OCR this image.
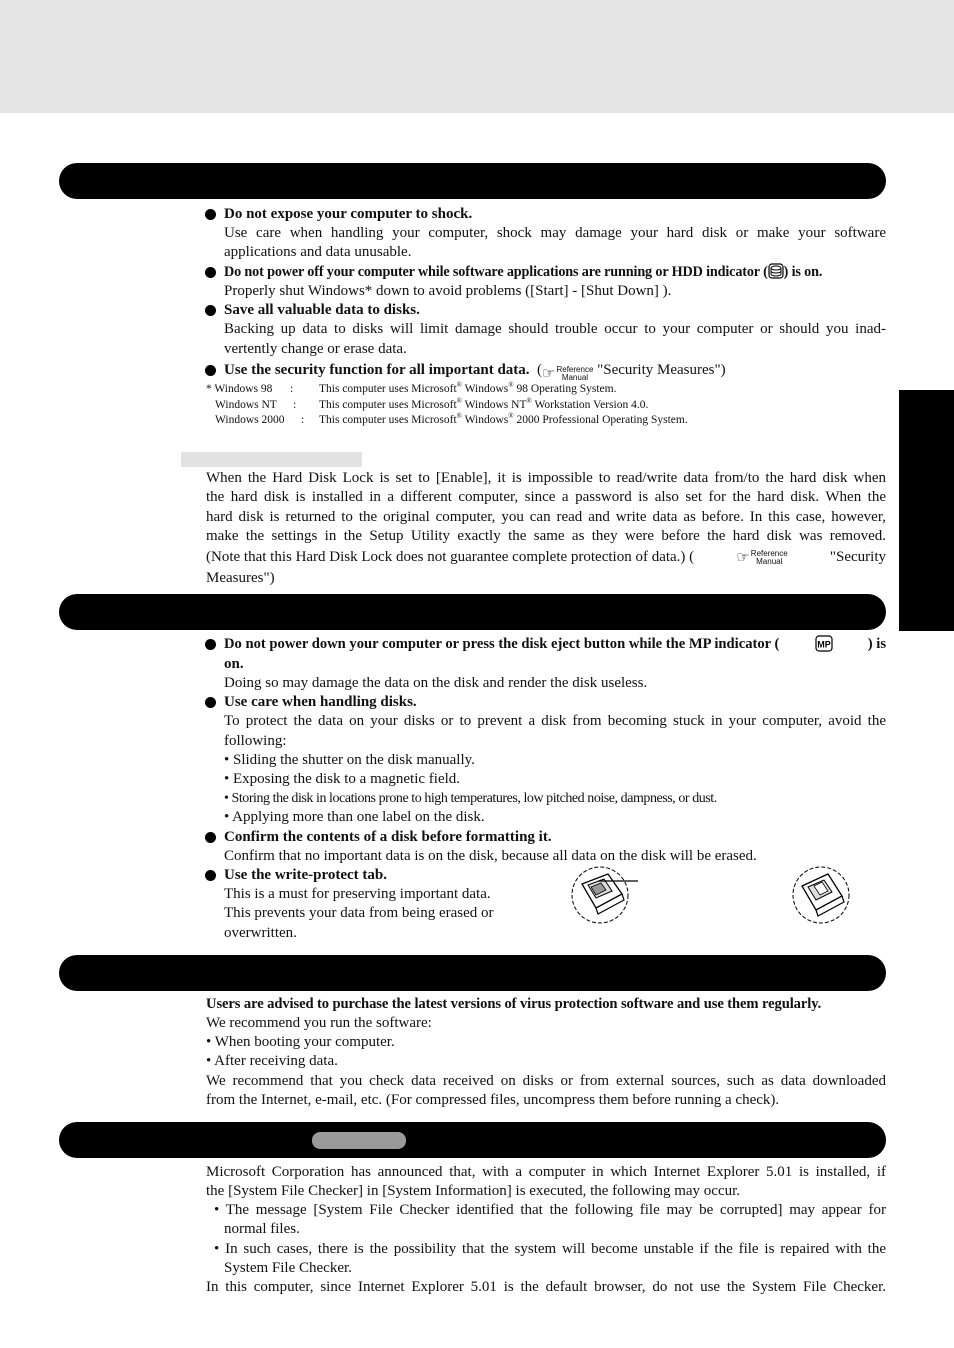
Do not expose your computer to shock.
Use care when handling your computer, shock may damage your hard disk or make your software
applications and data unusable.
Do not power off your computer while software applications are running or HDD indicator ( ) is on.
Properly shut Windows* down to avoid problems ([Start] - [Shut Down] ).
Save all valuable data to disks.
Backing up data to disks will limit damage should trouble occur to your computer or should you inad-
vertently change or erase data.
Use the security function for all important data. ( ☞ Reference
Manual "Security Measures")
* Windows 98 : This computer uses Microsoft® Windows® 98 Operating System.
Windows NT : This computer uses Microsoft® Windows NT® Workstation Version 4.0.
Windows 2000 : This computer uses Microsoft® Windows® 2000 Professional Operating System.
When the Hard Disk Lock is set to [Enable], it is impossible to read/write data from/to the hard disk when
the hard disk is installed in a different computer, since a password is also set for the hard disk. When the
hard disk is returned to the original computer, you can read and write data as before. In this case, however,
make the settings in the Setup Utility exactly the same as they were before the hard disk was removed.
(Note that this Hard Disk Lock does not guarantee complete protection of data.) (	☞ Reference
Manual	"Security
Measures")
Do not power down your computer or press the disk eject button while the MP indicator (	MP	) is
on.
Doing so may damage the data on the disk and render the disk useless.
Use care when handling disks.
To protect the data on your disks or to prevent a disk from becoming stuck in your computer, avoid the
following:
• Sliding the shutter on the disk manually.
• Exposing the disk to a magnetic field.
• Storing the disk in locations prone to high temperatures, low pitched noise, dampness, or dust.
• Applying more than one label on the disk.
Confirm the contents of a disk before formatting it.
Confirm that no important data is on the disk, because all data on the disk will be erased.
Use the write-protect tab.
This is a must for preserving important data.
This prevents your data from being erased or
overwritten.
Users are advised to purchase the latest versions of virus protection software and use them regularly.
We recommend you run the software:
• When booting your computer.
• After receiving data.
We recommend that you check data received on disks or from external sources, such as data downloaded
from the Internet, e-mail, etc. (For compressed files, uncompress them before running a check).
Microsoft Corporation has announced that, with a computer in which Internet Explorer 5.01 is installed, if
the [System File Checker] in [System Information] is executed, the following may occur.
• The message [System File Checker identified that the following file may be corrupted] may appear for
normal files.
• In such cases, there is the possibility that the system will become unstable if the file is repaired with the
System File Checker.
In this computer, since Internet Explorer 5.01 is the default browser, do not use the System File Checker.
